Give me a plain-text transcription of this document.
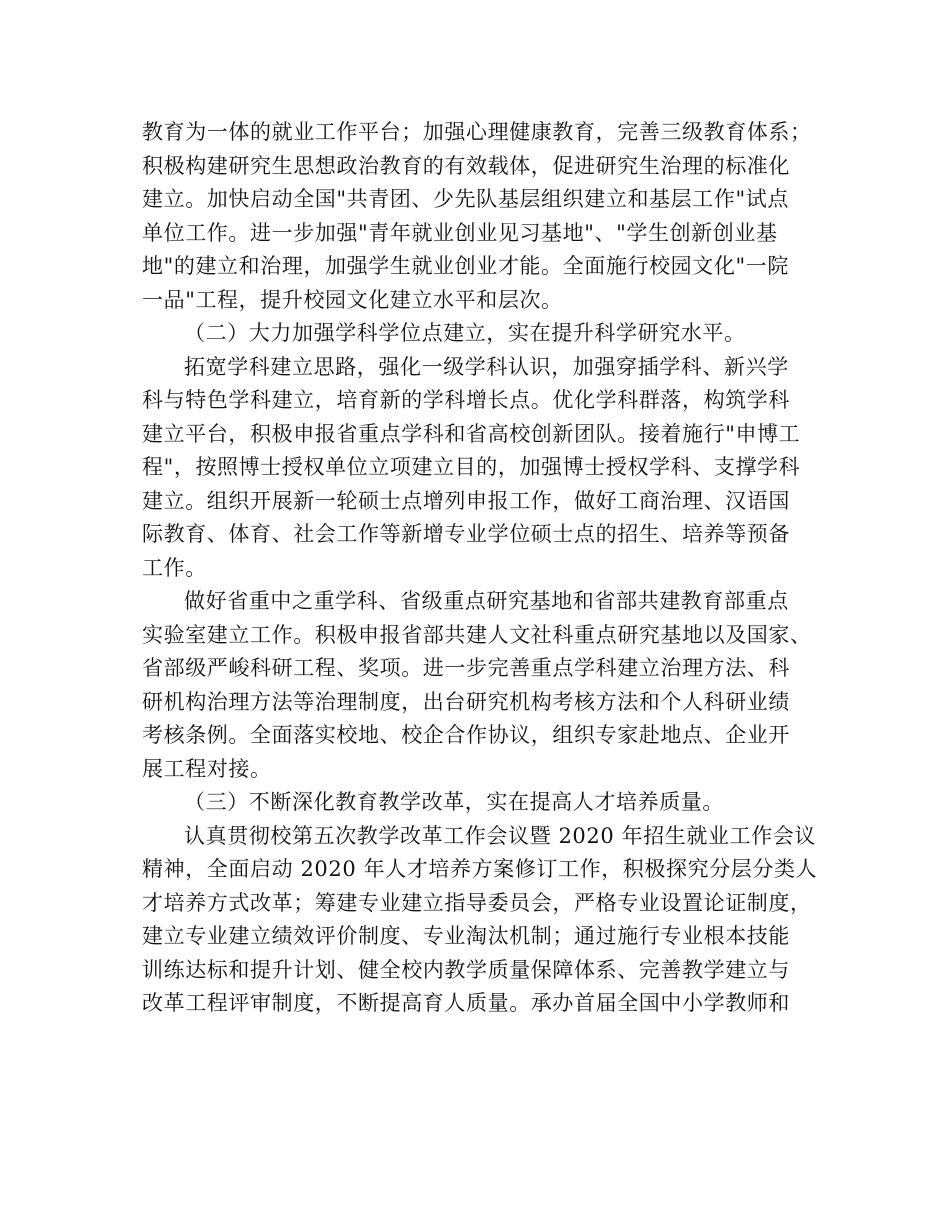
教育为一体的就业工作平台；加强心理健康教育，完善三级教育体系；
积极构建研究生思想政治教育的有效载体，促进研究生治理的标准化
建立。加快启动全国"共青团、少先队基层组织建立和基层工作"试点
单位工作。进一步加强"青年就业创业见习基地"、"学生创新创业基
地"的建立和治理，加强学生就业创业才能。全面施行校园文化"一院
一品"工程，提升校园文化建立水平和层次。
（二）大力加强学科学位点建立，实在提升科学研究水平。
拓宽学科建立思路，强化一级学科认识，加强穿插学科、新兴学
科与特色学科建立，培育新的学科增长点。优化学科群落，构筑学科
建立平台，积极申报省重点学科和省高校创新团队。接着施行"申博工
程"，按照博士授权单位立项建立目的，加强博士授权学科、支撑学科
建立。组织开展新一轮硕士点增列申报工作，做好工商治理、汉语国
际教育、体育、社会工作等新增专业学位硕士点的招生、培养等预备
工作。
做好省重中之重学科、省级重点研究基地和省部共建教育部重点
实验室建立工作。积极申报省部共建人文社科重点研究基地以及国家、
省部级严峻科研工程、奖项。进一步完善重点学科建立治理方法、科
研机构治理方法等治理制度，出台研究机构考核方法和个人科研业绩
考核条例。全面落实校地、校企合作协议，组织专家赴地点、企业开
展工程对接。
（三）不断深化教育教学改革，实在提高人才培养质量。
认真贯彻校第五次教学改革工作会议暨 2020 年招生就业工作会议
精神，全面启动 2020 年人才培养方案修订工作，积极探究分层分类人
才培养方式改革；筹建专业建立指导委员会，严格专业设置论证制度，
建立专业建立绩效评价制度、专业淘汰机制；通过施行专业根本技能
训练达标和提升计划、健全校内教学质量保障体系、完善教学建立与
改革工程评审制度，不断提高育人质量。承办首届全国中小学教师和
